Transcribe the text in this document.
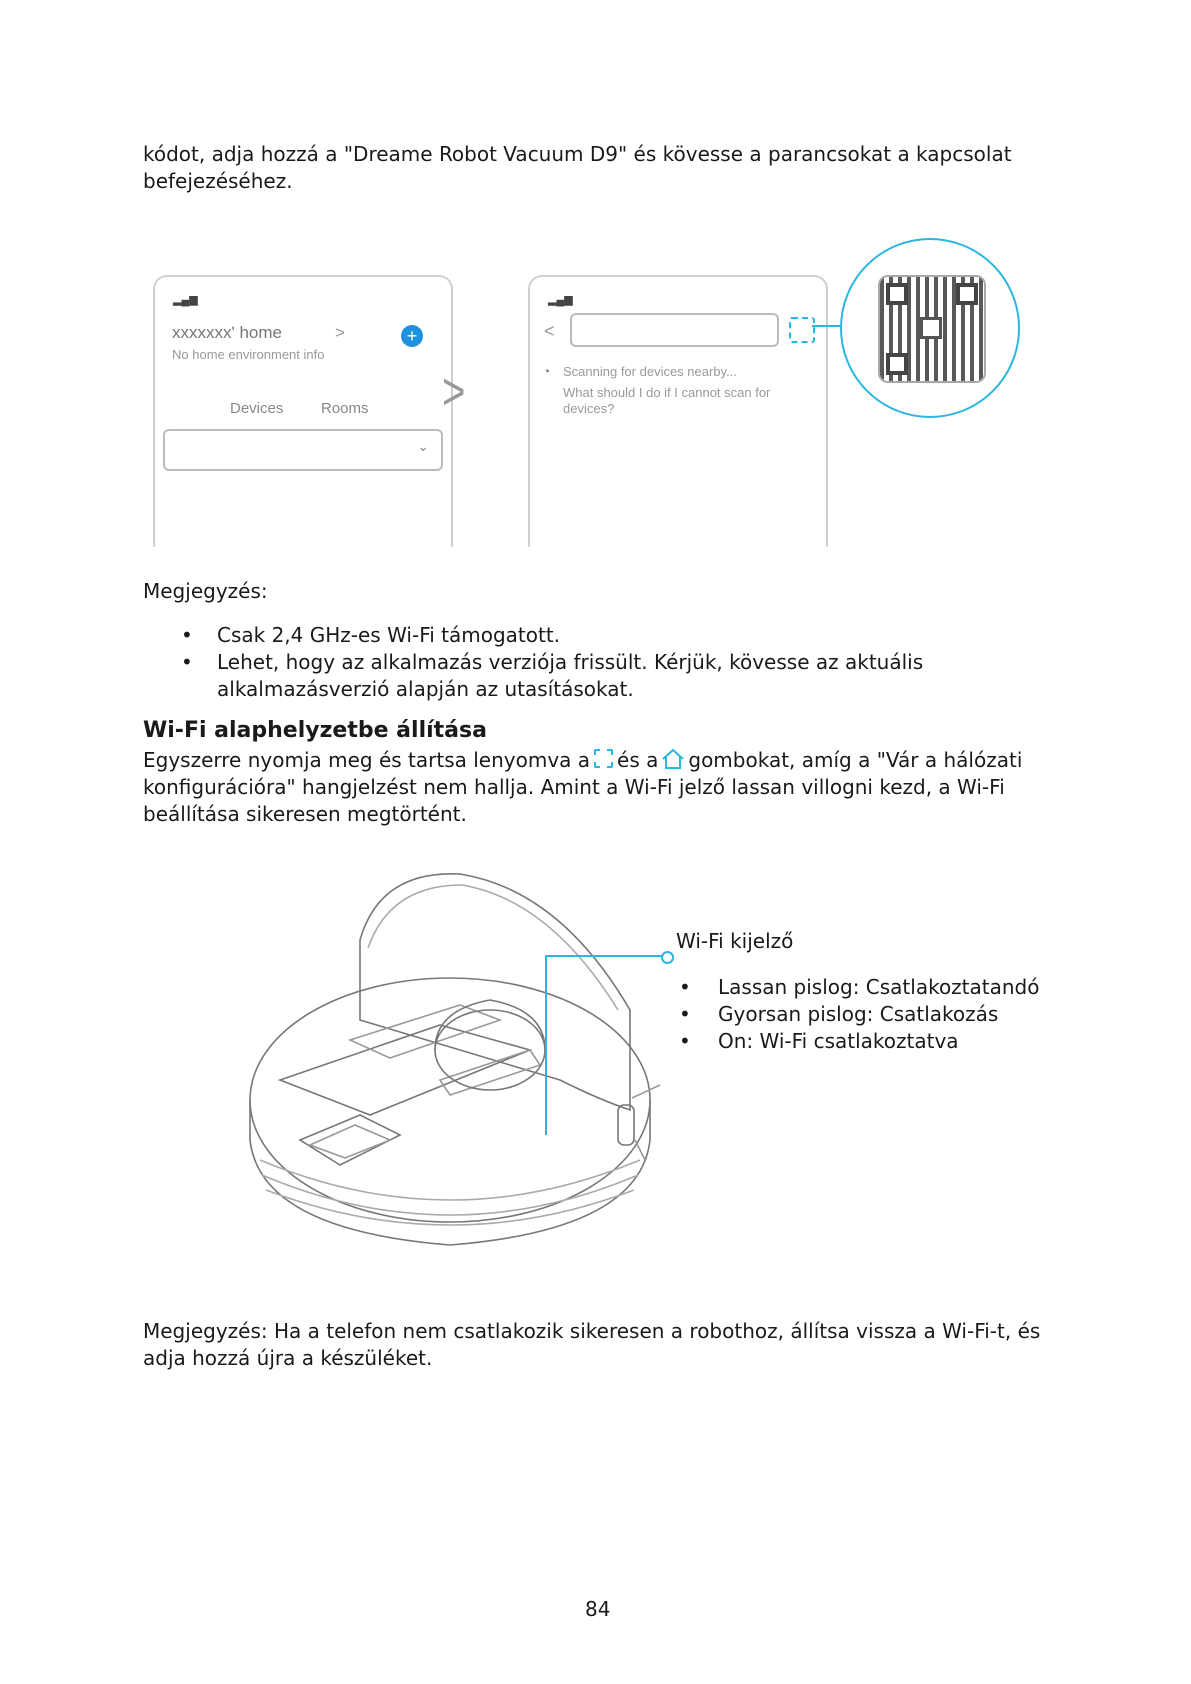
kódot, adja hozzá a "Dreame Robot Vacuum D9" és kövesse a parancsokat a kapcsolat

befejezéséhez.

▂▄▆
xxxxxxx' home	>
No home environment info
+
Devices	Rooms
⌄
>
▂▄▆
<
◔ Scanning for devices nearby...
What should I do if I cannot scan for
devices?

Megjegyzés:

• Csak 2,4 GHz-es Wi-Fi támogatott.
• Lehet, hogy az alkalmazás verziója frissült. Kérjük, kövesse az aktuális
alkalmazásverzió alapján az utasításokat.
Wi-Fi alaphelyzetbe állítása

Egyszerre nyomja meg és tartsa lenyomva a és a gombokat, amíg a "Vár a hálózati

konfigurációra" hangjelzést nem hallja. Amint a Wi-Fi jelző lassan villogni kezd, a Wi-Fi

beállítása sikeresen megtörtént.

Wi-Fi kijelző

• Lassan pislog: Csatlakoztatandó
• Gyorsan pislog: Csatlakozás
• On: Wi-Fi csatlakoztatva

Megjegyzés: Ha a telefon nem csatlakozik sikeresen a robothoz, állítsa vissza a Wi-Fi-t, és

adja hozzá újra a készüléket.

84
